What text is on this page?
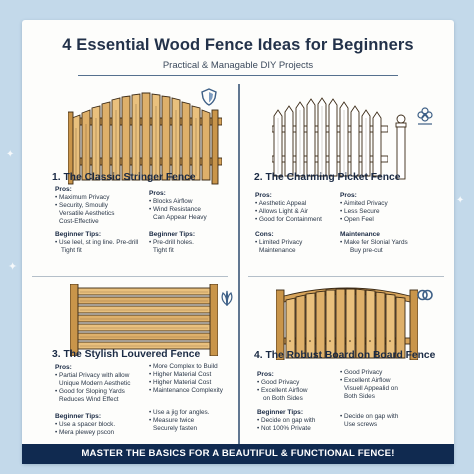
✦
✦
✦
4 Essential Wood Fence Ideas for Beginners
Practical & Managable DIY Projects
1. The Classic Stringer Fence
Pros:
• Maximum Privacy
• Security, Smoully
Versatile Aesthetics
Cost-Effective
Pros:
• Blocks Airflow
• Wind Resistance
Can Appear Heavy
Beginner Tips:
• Use leel, st ing line. Pre-drill
Tight fit
Beginner Tips:
• Pre-drill holes.
Tight fit
2. The Charming Picket Fence
Pros:
• Aesthetic Appeal
• Allows Light & Air
• Good for Containment
Pros:
• Aimited Privacy
• Less Secure
• Open Feel
Cons:
• Limited Privacy
Maintenance
Maintenance
• Make fer Slonial Yards
Buy pre-cut
3. The Stylish Louvered Fence
Pros:
• Partial Privacy with allow
Unique Modern Aesthetic
• Good for Sloping Yards
Reduces Wind Effect
• More Complex to Build
• Higher Material Cost
• Higher Material Cost
• Maintenance Complexity
Beginner Tips:
• Use a spacer block.
• Mera plewey pscon
• Use a jig for angles.
• Measure twice
Securely fasten
4. The Robust Board on Board Fence
Pros:
• Good Privacy
• Excellent Airflow
on Both Sides
• Good Privacy
• Excellent Airflow
Visuell Appealid on
Both Sides
Beginner Tips:
• Decide on gap with
• Not 100% Private
• Decide on gap with
Use screws
MASTER THE BASICS FOR A BEAUTIFUL & FUNCTIONAL FENCE!
